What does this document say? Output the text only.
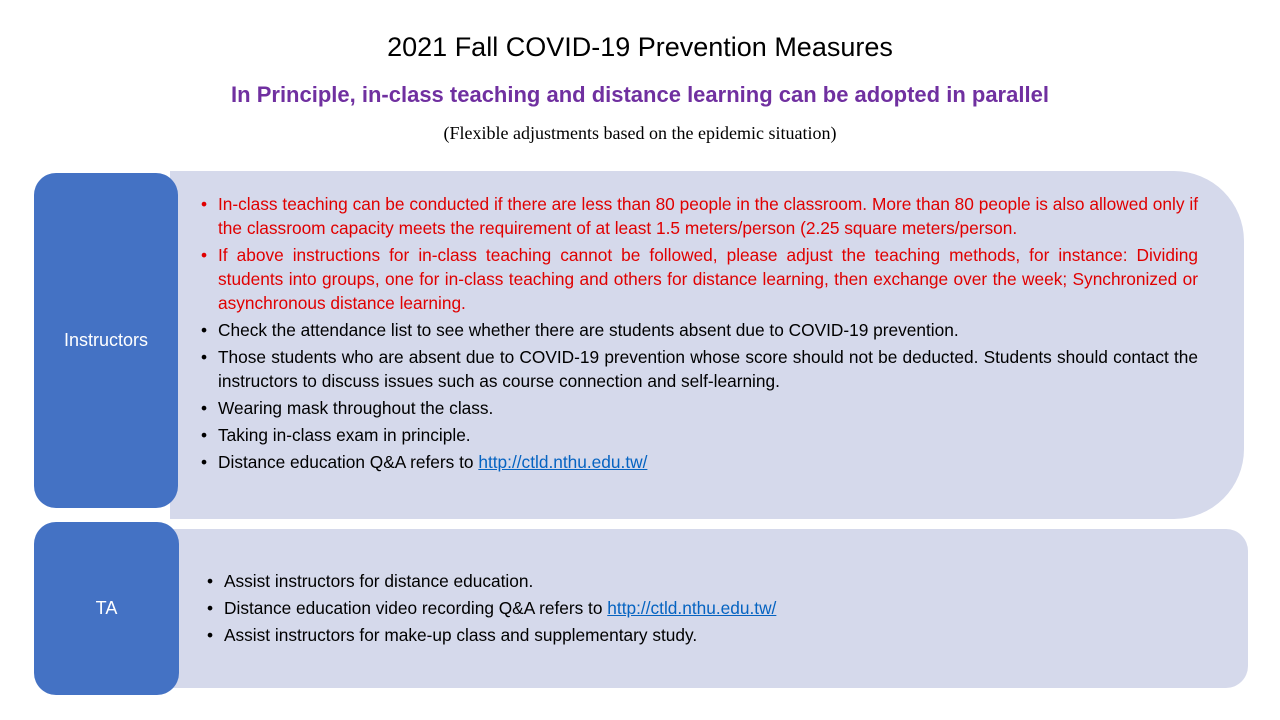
2021 Fall COVID-19 Prevention Measures
In Principle, in-class teaching and distance learning can be adopted in parallel
(Flexible adjustments based on the epidemic situation)
Instructors
• In-class teaching can be conducted if there are less than 80 people in the classroom. More than 80 people is also allowed only if the classroom capacity meets the requirement of at least 1.5 meters/person (2.25 square meters/person.
• If above instructions for in-class teaching cannot be followed, please adjust the teaching methods, for instance: Dividing students into groups, one for in-class teaching and others for distance learning, then exchange over the week; Synchronized or asynchronous distance learning.
• Check the attendance list to see whether there are students absent due to COVID-19 prevention.
• Those students who are absent due to COVID-19 prevention whose score should not be deducted. Students should contact the instructors to discuss issues such as course connection and self-learning.
• Wearing mask throughout the class.
• Taking in-class exam in principle.
• Distance education Q&A refers to http://ctld.nthu.edu.tw/
TA
• Assist instructors for distance education.
• Distance education video recording Q&A refers to http://ctld.nthu.edu.tw/
• Assist instructors for make-up class and supplementary study.
